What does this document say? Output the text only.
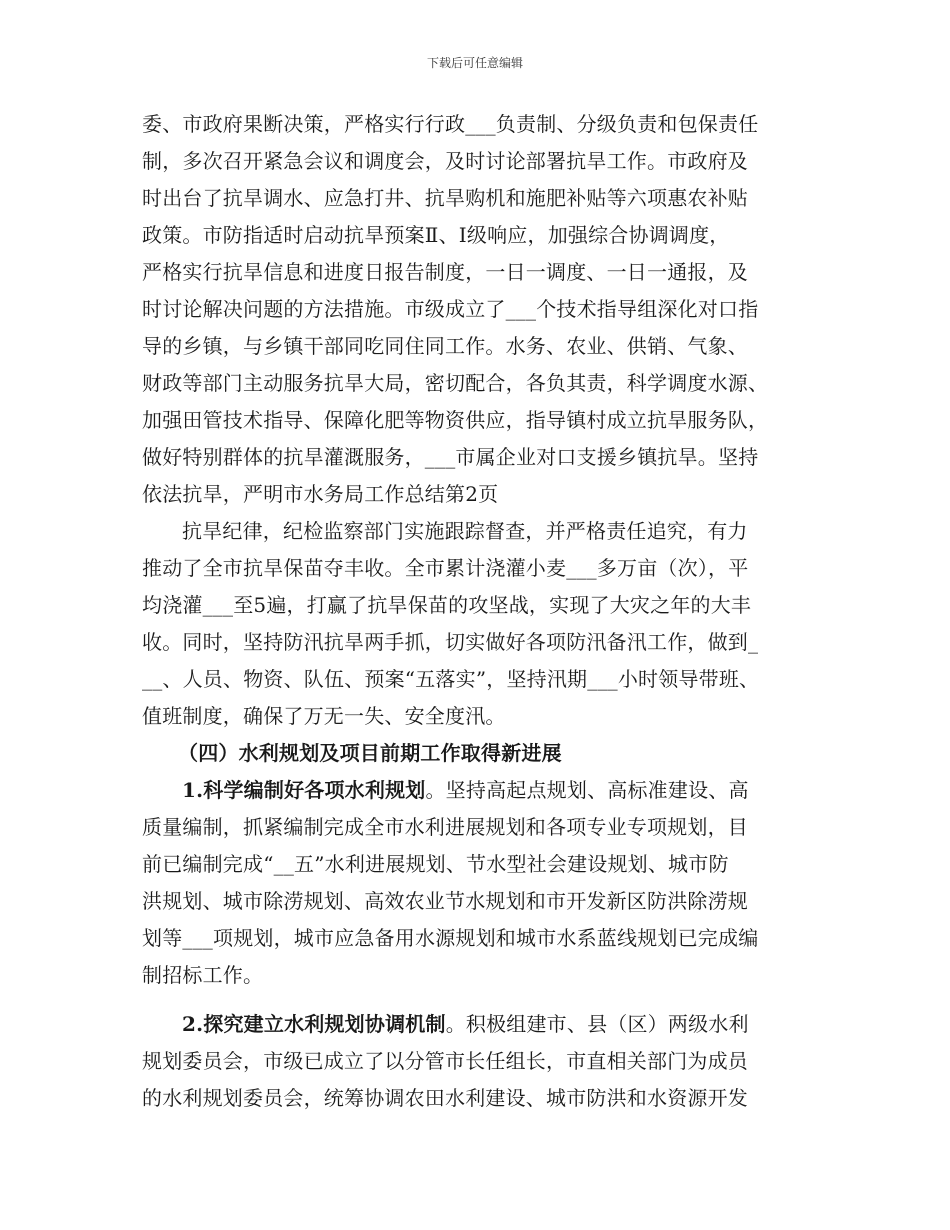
下载后可任意编辑
委、市政府果断决策，严格实行行政___负责制、分级负责和包保责任
制，多次召开紧急会议和调度会，及时讨论部署抗旱工作。市政府及
时出台了抗旱调水、应急打井、抗旱购机和施肥补贴等六项惠农补贴
政策。市防指适时启动抗旱预案Ⅱ、Ⅰ级响应，加强综合协调调度，
严格实行抗旱信息和进度日报告制度，一日一调度、一日一通报，及
时讨论解决问题的方法措施。市级成立了___个技术指导组深化对口指
导的乡镇，与乡镇干部同吃同住同工作。水务、农业、供销、气象、
财政等部门主动服务抗旱大局，密切配合，各负其责，科学调度水源、
加强田管技术指导、保障化肥等物资供应，指导镇村成立抗旱服务队，
做好特别群体的抗旱灌溉服务，___市属企业对口支援乡镇抗旱。坚持
依法抗旱，严明市水务局工作总结第2页
抗旱纪律，纪检监察部门实施跟踪督查，并严格责任追究，有力
推动了全市抗旱保苗夺丰收。全市累计浇灌小麦___多万亩（次），平
均浇灌___至5遍，打赢了抗旱保苗的攻坚战，实现了大灾之年的大丰
收。同时，坚持防汛抗旱两手抓，切实做好各项防汛备汛工作，做到_
__、人员、物资、队伍、预案“五落实”，坚持汛期___小时领导带班、
值班制度，确保了万无一失、安全度汛。
（四）水利规划及项目前期工作取得新进展
1.科学编制好各项水利规划。坚持高起点规划、高标准建设、高
质量编制，抓紧编制完成全市水利进展规划和各项专业专项规划，目
前已编制完成“__五”水利进展规划、节水型社会建设规划、城市防
洪规划、城市除涝规划、高效农业节水规划和市开发新区防洪除涝规
划等___项规划，城市应急备用水源规划和城市水系蓝线规划已完成编
制招标工作。
2.探究建立水利规划协调机制。积极组建市、县（区）两级水利
规划委员会，市级已成立了以分管市长任组长，市直相关部门为成员
的水利规划委员会，统筹协调农田水利建设、城市防洪和水资源开发
